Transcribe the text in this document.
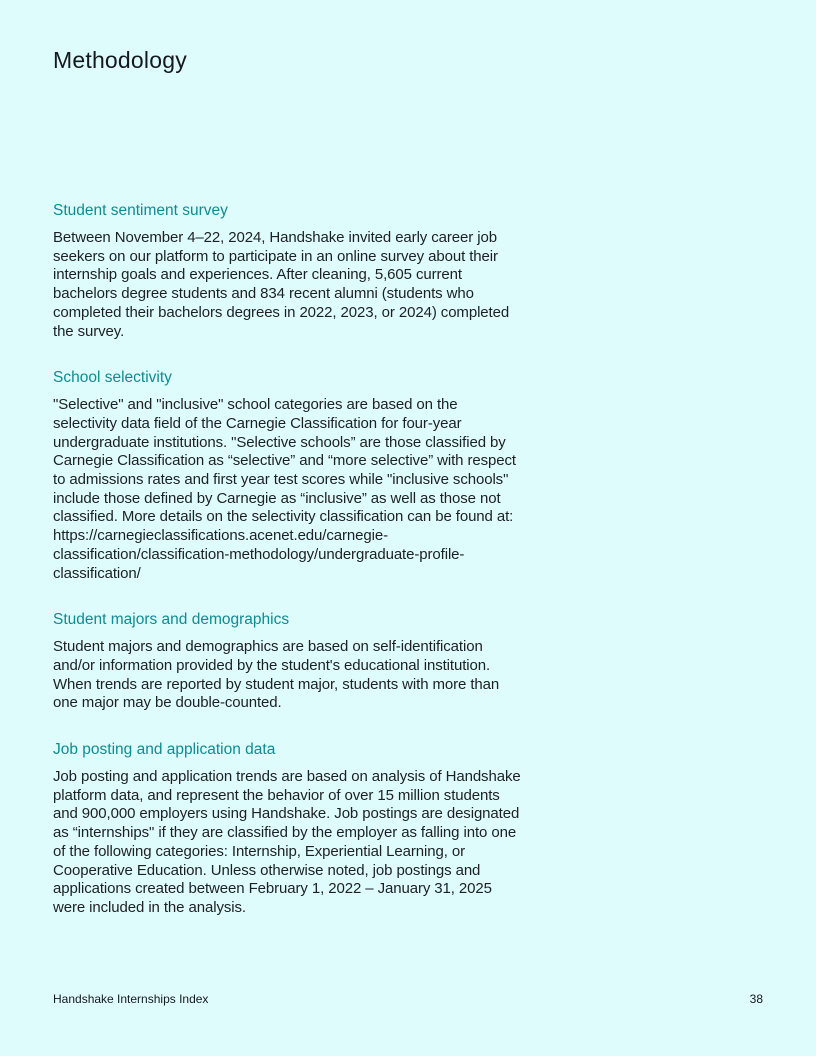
Methodology
Student sentiment survey

Between November 4–22, 2024, Handshake invited early career job seekers on our platform to participate in an online survey about their internship goals and experiences. After cleaning, 5,605 current bachelors degree students and 834 recent alumni (students who completed their bachelors degrees in 2022, 2023, or 2024) completed the survey.

School selectivity

"Selective" and "inclusive" school categories are based on the selectivity data field of the Carnegie Classification for four-year undergraduate institutions. "Selective schools” are those classified by Carnegie Classification as “selective” and “more selective” with respect to admissions rates and first year test scores while "inclusive schools" include those defined by Carnegie as “inclusive” as well as those not classified. More details on the selectivity classification can be found at: https://carnegieclassifications.acenet.edu/carnegie-classification/classification-methodology/undergraduate-profile-classification/

Student majors and demographics

Student majors and demographics are based on self-identification and/or information provided by the student's educational institution. When trends are reported by student major, students with more than one major may be double-counted.

Job posting and application data

Job posting and application trends are based on analysis of Handshake platform data, and represent the behavior of over 15 million students and 900,000 employers using Handshake. Job postings are designated as “internships" if they are classified by the employer as falling into one of the following categories: Internship, Experiential Learning, or Cooperative Education. Unless otherwise noted, job postings and applications created between February 1, 2022 – January 31, 2025 were included in the analysis.

Handshake Internships Index	38
